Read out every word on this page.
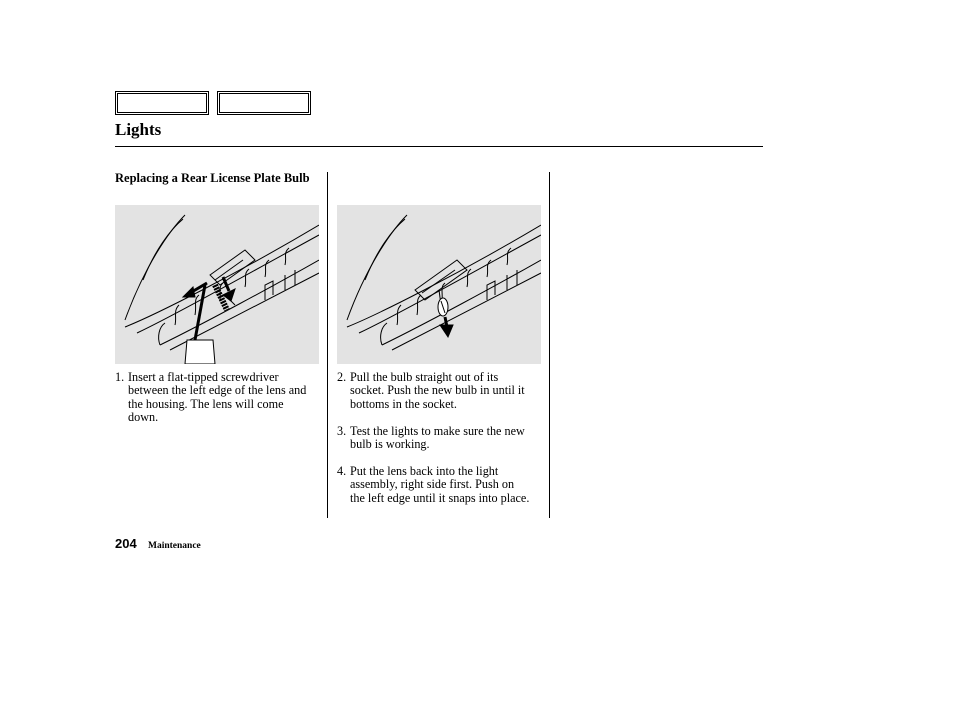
Lights
Replacing a Rear License Plate Bulb
1. Insert a flat-tipped screwdriver between the left edge of the lens and the housing. The lens will come down.
2. Pull the bulb straight out of its socket. Push the new bulb in until it bottoms in the socket.
3. Test the lights to make sure the new bulb is working.
4. Put the lens back into the light assembly, right side first. Push on the left edge until it snaps into place.
204 Maintenance
